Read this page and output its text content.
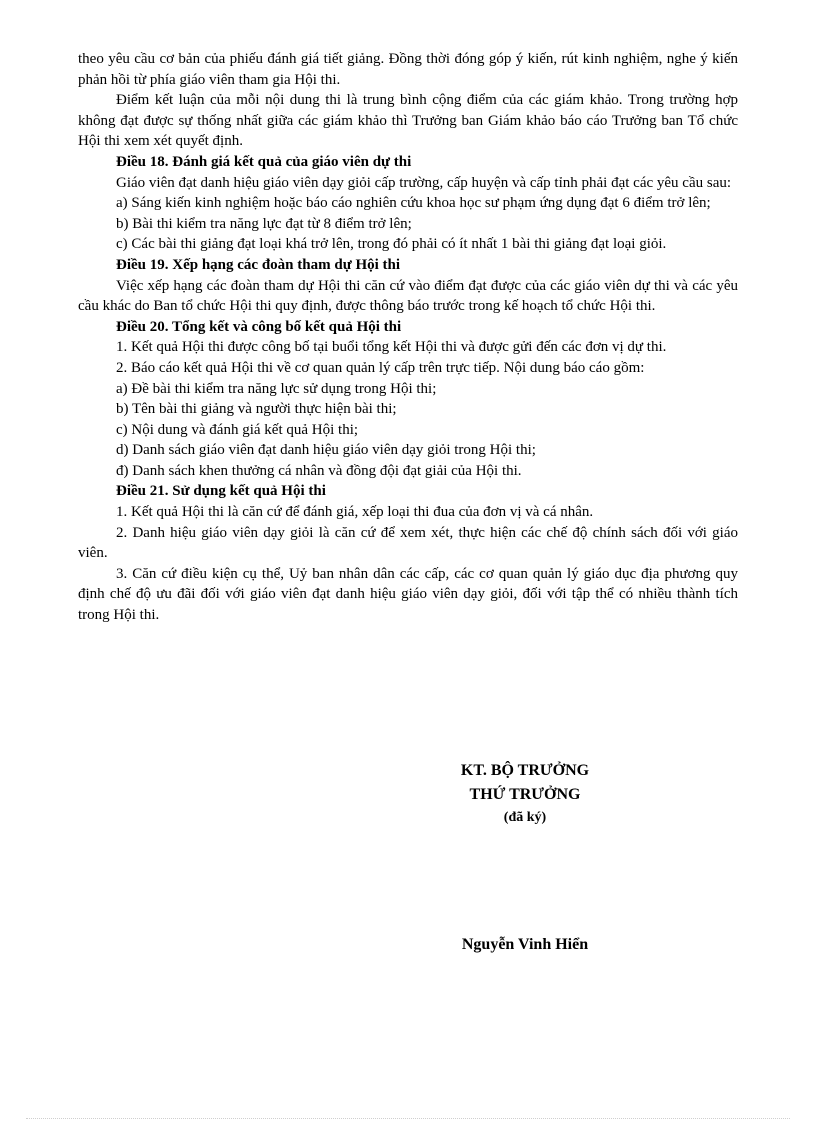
theo yêu cầu cơ bản của phiếu đánh giá tiết giảng. Đồng thời đóng góp ý kiến, rút kinh nghiệm, nghe ý kiến phản hồi từ phía giáo viên tham gia Hội thi.

Điểm kết luận của mỗi nội dung thi là trung bình cộng điểm của các giám khảo. Trong trường hợp không đạt được sự thống nhất giữa các giám khảo thì Trưởng ban Giám khảo báo cáo Trưởng ban Tổ chức Hội thi xem xét quyết định.

Điều 18. Đánh giá kết quả của giáo viên dự thi

Giáo viên đạt danh hiệu giáo viên dạy giỏi cấp trường, cấp huyện và cấp tỉnh phải đạt các yêu cầu sau:

a) Sáng kiến kinh nghiệm hoặc báo cáo nghiên cứu khoa học sư phạm ứng dụng đạt 6 điểm trở lên;

b) Bài thi kiểm tra năng lực đạt từ 8 điểm trở lên;

c) Các bài thi giảng đạt loại khá trở lên, trong đó phải có ít nhất 1 bài thi giảng đạt loại giỏi.

Điều 19. Xếp hạng các đoàn tham dự Hội thi

Việc xếp hạng các đoàn tham dự Hội thi căn cứ vào điểm đạt được của các giáo viên dự thi và các yêu cầu khác do Ban tổ chức Hội thi quy định, được thông báo trước trong kế hoạch tổ chức Hội thi.

Điều 20. Tổng kết và công bố kết quả Hội thi

1. Kết quả Hội thi được công bố tại buổi tổng kết Hội thi và được gửi đến các đơn vị dự thi.

2. Báo cáo kết quả Hội thi về cơ quan quản lý cấp trên trực tiếp. Nội dung báo cáo gồm:

a) Đề bài thi kiểm tra năng lực sử dụng trong Hội thi;

b) Tên bài thi giảng và người thực hiện bài thi;

c) Nội dung và đánh giá kết quả Hội thi;

d) Danh sách giáo viên đạt danh hiệu giáo viên dạy giỏi trong Hội thi;

đ) Danh sách khen thưởng cá nhân và đồng đội đạt giải của Hội thi.

Điều 21. Sử dụng kết quả Hội thi

1. Kết quả Hội thi là căn cứ để đánh giá, xếp loại thi đua của đơn vị và cá nhân.

2. Danh hiệu giáo viên dạy giỏi là căn cứ để xem xét, thực hiện các chế độ chính sách đối với giáo viên.

3. Căn cứ điều kiện cụ thể, Uỷ ban nhân dân các cấp, các cơ quan quản lý giáo dục địa phương quy định chế độ ưu đãi đối với giáo viên đạt danh hiệu giáo viên dạy giỏi, đối với tập thể có nhiều thành tích trong Hội thi.

KT. BỘ TRƯỞNG
THỨ TRƯỞNG
(đã ký)
Nguyễn Vinh Hiển
